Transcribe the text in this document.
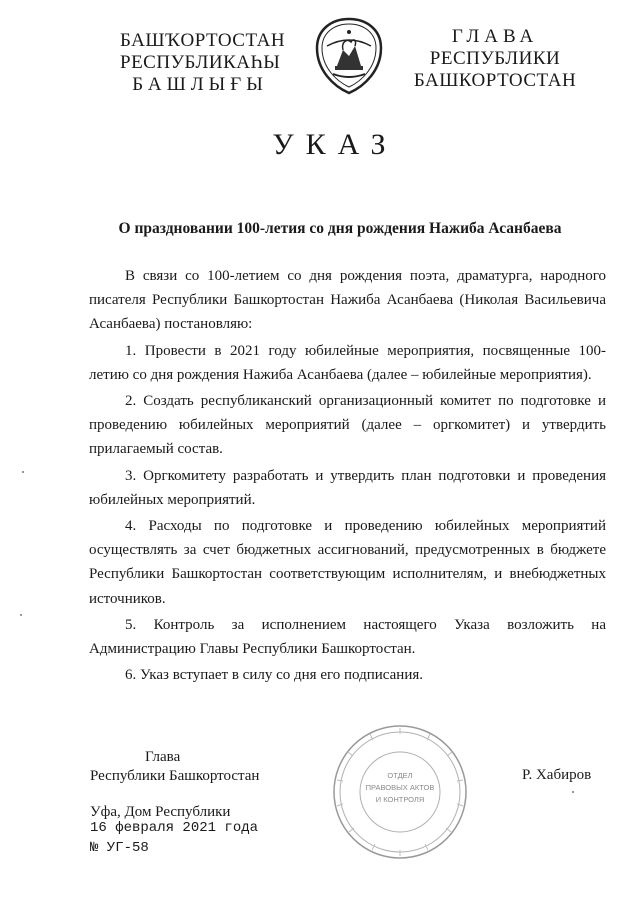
БАШҠОРТОСТАН
РЕСПУБЛИКАҺЫ
БАШЛЫҒЫ
ГЛАВА
РЕСПУБЛИКИ
БАШКОРТОСТАН
УКАЗ
О праздновании 100-летия со дня рождения Нажиба Асанбаева

В связи со 100-летием со дня рождения поэта, драматурга, народного писателя Республики Башкортостан Нажиба Асанбаева (Николая Васильевича Асанбаева) постановляю:

1. Провести в 2021 году юбилейные мероприятия, посвященные 100-летию со дня рождения Нажиба Асанбаева (далее – юбилейные мероприятия).

2. Создать республиканский организационный комитет по подготовке и проведению юбилейных мероприятий (далее – оргкомитет) и утвердить прилагаемый состав.

3. Оргкомитету разработать и утвердить план подготовки и проведения юбилейных мероприятий.

4. Расходы по подготовке и проведению юбилейных мероприятий осуществлять за счет бюджетных ассигнований, предусмотренных в бюджете Республики Башкортостан соответствующим исполнителям, и внебюджетных источников.

5. Контроль за исполнением настоящего Указа возложить на Администрацию Главы Республики Башкортостан.

6. Указ вступает в силу со дня его подписания.

Глава
Республики Башкортостан	ОТДЕЛ
ПРАВОВЫХ АКТОВ
И КОНТРОЛЯ
Р. Хабиров
Уфа, Дом Республики
16 февраля 2021 года
№ УГ-58
